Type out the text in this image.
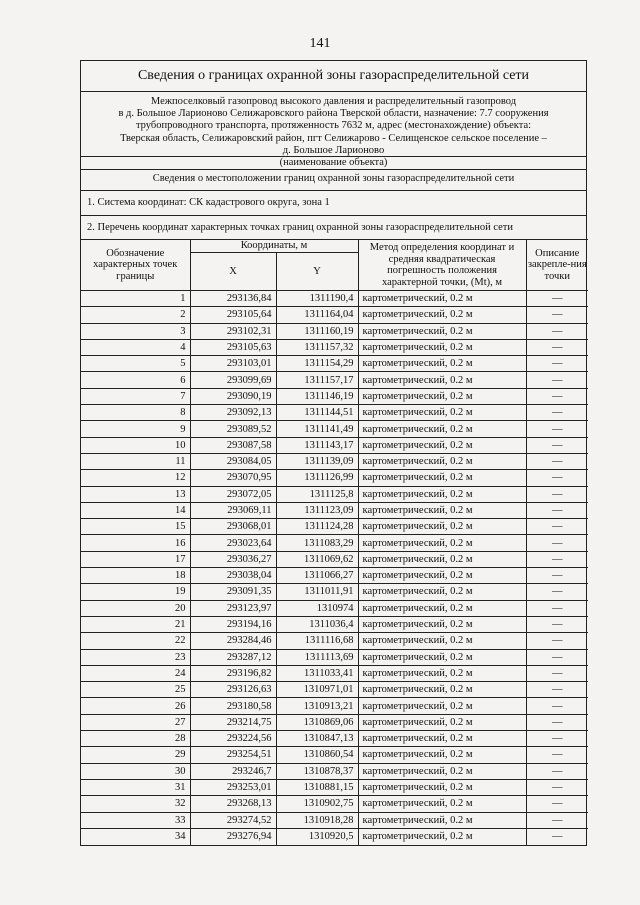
141
Сведения о границах охранной зоны газораспределительной сети
Межпоселковый газопровод высокого давления и распределительный газопровод
в д. Большое Ларионово Селижаровского района Тверской области, назначение: 7.7 сооружения
трубопроводного транспорта, протяженность 7632 м, адрес (местонахождение) объекта:
Тверская область, Селижаровский район, пгт Селижарово - Селищенское сельское поселение –
д. Большое Ларионово
(наименование объекта)
Сведения о местоположении границ охранной зоны газораспределительной сети
1. Система координат: СК кадастрового округа, зона 1
2. Перечень координат характерных точках границ охранной зоны газораспределительной сети
Обозначение характерных точек границы	Координаты, м		Метод определения координат и средняя квадратическая погрешность положения характерной точки, (Mt), м	Описание закрепле-ния точки
	X	Y		
1	293136,84	1311190,4	картометрический, 0.2 м	—
2	293105,64	1311164,04	картометрический, 0.2 м	—
3	293102,31	1311160,19	картометрический, 0.2 м	—
4	293105,63	1311157,32	картометрический, 0.2 м	—
5	293103,01	1311154,29	картометрический, 0.2 м	—
6	293099,69	1311157,17	картометрический, 0.2 м	—
7	293090,19	1311146,19	картометрический, 0.2 м	—
8	293092,13	1311144,51	картометрический, 0.2 м	—
9	293089,52	1311141,49	картометрический, 0.2 м	—
10	293087,58	1311143,17	картометрический, 0.2 м	—
11	293084,05	1311139,09	картометрический, 0.2 м	—
12	293070,95	1311126,99	картометрический, 0.2 м	—
13	293072,05	1311125,8	картометрический, 0.2 м	—
14	293069,11	1311123,09	картометрический, 0.2 м	—
15	293068,01	1311124,28	картометрический, 0.2 м	—
16	293023,64	1311083,29	картометрический, 0.2 м	—
17	293036,27	1311069,62	картометрический, 0.2 м	—
18	293038,04	1311066,27	картометрический, 0.2 м	—
19	293091,35	1311011,91	картометрический, 0.2 м	—
20	293123,97	1310974	картометрический, 0.2 м	—
21	293194,16	1311036,4	картометрический, 0.2 м	—
22	293284,46	1311116,68	картометрический, 0.2 м	—
23	293287,12	1311113,69	картометрический, 0.2 м	—
24	293196,82	1311033,41	картометрический, 0.2 м	—
25	293126,63	1310971,01	картометрический, 0.2 м	—
26	293180,58	1310913,21	картометрический, 0.2 м	—
27	293214,75	1310869,06	картометрический, 0.2 м	—
28	293224,56	1310847,13	картометрический, 0.2 м	—
29	293254,51	1310860,54	картометрический, 0.2 м	—
30	293246,7	1310878,37	картометрический, 0.2 м	—
31	293253,01	1310881,15	картометрический, 0.2 м	—
32	293268,13	1310902,75	картометрический, 0.2 м	—
33	293274,52	1310918,28	картометрический, 0.2 м	—
34	293276,94	1310920,5	картометрический, 0.2 м	—
